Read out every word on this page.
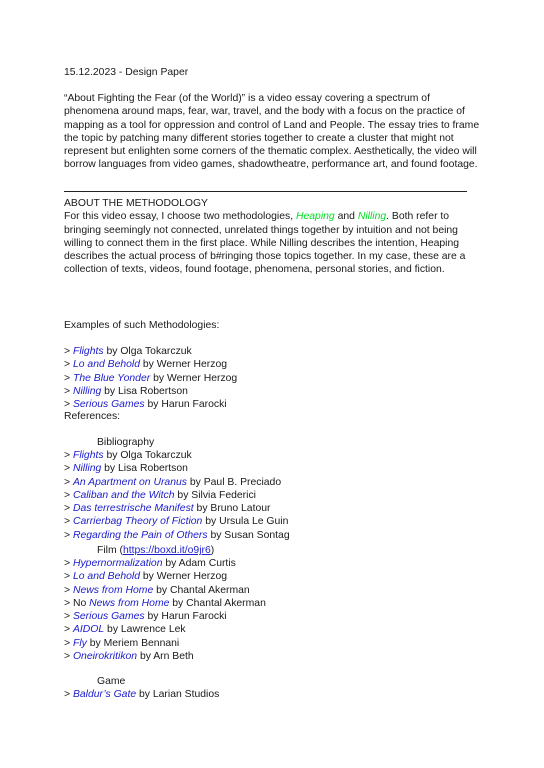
15.12.2023 - Design Paper

“About Fighting the Fear (of the World)” is a video essay covering a spectrum of phenomena around maps, fear, war, travel, and the body with a focus on the practice of mapping as a tool for oppression and control of Land and People. The essay tries to frame the topic by patching many different stories together to create a cluster that might not represent but enlighten some corners of the thematic complex. Aesthetically, the video will borrow languages from video games, shadowtheatre, performance art, and found footage.

ABOUT THE METHODOLOGY

For this video essay, I choose two methodologies, Heaping and Nilling. Both refer to bringing seemingly not connected, unrelated things together by intuition and not being willing to connect them in the first place. While Nilling describes the intention, Heaping describes the actual process of b#ringing those topics together. In my case, these are a collection of texts, videos, found footage, phenomena, personal stories, and fiction.

Examples of such Methodologies:

> Flights by Olga Tokarczuk
> Lo and Behold by Werner Herzog
> The Blue Yonder by Werner Herzog
> Nilling by Lisa Robertson
> Serious Games by Harun Farocki

References:

Bibliography

> Flights by Olga Tokarczuk
> Nilling by Lisa Robertson
> An Apartment on Uranus by Paul B. Preciado
> Caliban and the Witch by Silvia Federici
> Das terrestrische Manifest by Bruno Latour
> Carrierbag Theory of Fiction by Ursula Le Guin
> Regarding the Pain of Others by Susan Sontag

Film (https://boxd.it/o9jr6)

> Hypernormalization by Adam Curtis
> Lo and Behold by Werner Herzog
> News from Home by Chantal Akerman
> No News from Home by Chantal Akerman
> Serious Games by Harun Farocki
> AIDOL by Lawrence Lek
> Fly by Meriem Bennani
> Oneirokritikon by Arn Beth

Game

> Baldur’s Gate by Larian Studios
